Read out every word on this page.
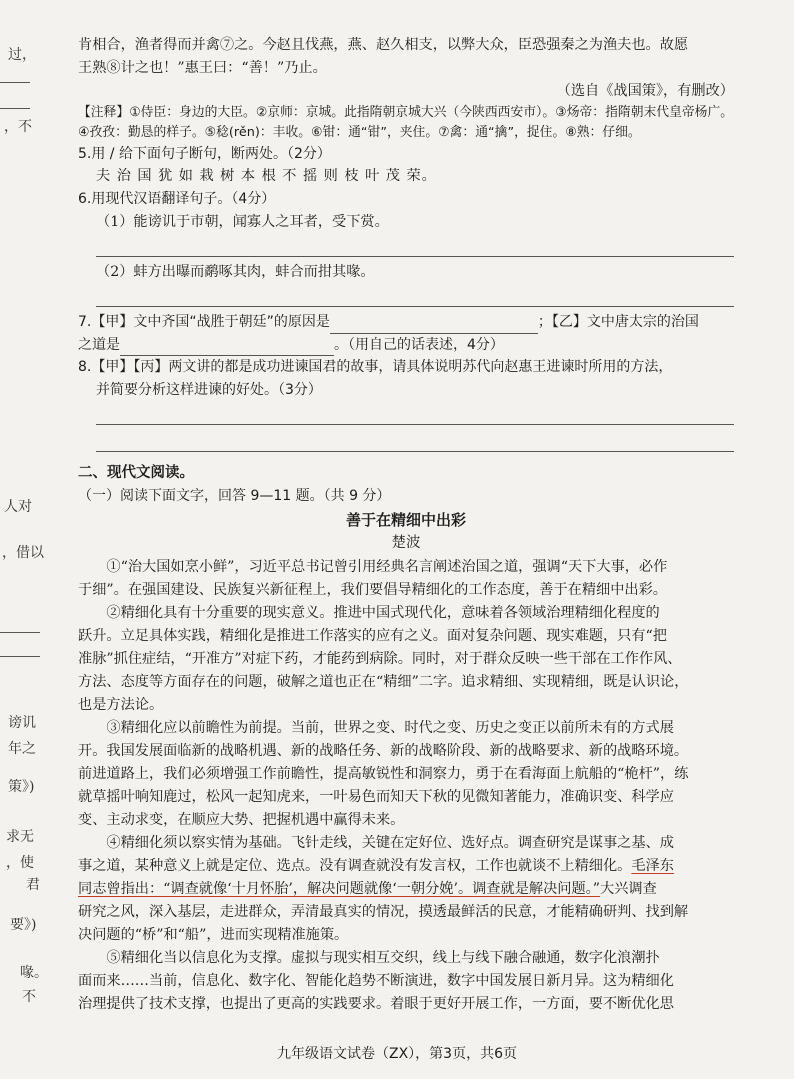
过，
，不
人对
，借以
谤讥
年之
策》)
求无
，使
君
要》)
喙。
不
肯相合，渔者得而并禽⑦之。今赵且伐燕，燕、赵久相支，以弊大众，臣恐强秦之为渔夫也。故愿
王熟⑧计之也！”惠王曰：“善！”乃止。
（选自《战国策》，有删改）
【注释】①侍臣：身边的大臣。②京师：京城。此指隋朝京城大兴（今陕西西安市）。③炀帝：指隋朝末代皇帝杨广。④孜孜：勤恳的样子。⑤稔(rěn)：丰收。⑥钳：通“钳”，夹住。⑦禽：通“擒”，捉住。⑧熟：仔细。
5.用 / 给下面句子断句，断两处。（2分）
夫 治 国 犹 如 栽 树 本 根 不 摇 则 枝 叶 茂 荣。
6.用现代汉语翻译句子。（4分）
（1）能谤讥于市朝，闻寡人之耳者，受下赏。
（2）蚌方出曝而鹬啄其肉，蚌合而拑其喙。
7.【甲】文中齐国“战胜于朝廷”的原因是	；【乙】文中唐太宗的治国
之道是	。（用自己的话表述，4分）
8.【甲】【丙】两文讲的都是成功进谏国君的故事，请具体说明苏代向赵惠王进谏时所用的方法，
并简要分析这样进谏的好处。（3分）
二、现代文阅读。
（一）阅读下面文字，回答 9—11 题。（共 9 分）
善于在精细中出彩
楚波
①“治大国如烹小鲜”，习近平总书记曾引用经典名言阐述治国之道，强调“天下大事，必作
于细”。在强国建设、民族复兴新征程上，我们要倡导精细化的工作态度，善于在精细中出彩。
②精细化具有十分重要的现实意义。推进中国式现代化，意味着各领域治理精细化程度的
跃升。立足具体实践，精细化是推进工作落实的应有之义。面对复杂问题、现实难题，只有“把
准脉”抓住症结，“开准方”对症下药，才能药到病除。同时，对于群众反映一些干部在工作作风、
方法、态度等方面存在的问题，破解之道也正在“精细”二字。追求精细、实现精细，既是认识论，
也是方法论。
③精细化应以前瞻性为前提。当前，世界之变、时代之变、历史之变正以前所未有的方式展
开。我国发展面临新的战略机遇、新的战略任务、新的战略阶段、新的战略要求、新的战略环境。
前进道路上，我们必须增强工作前瞻性，提高敏锐性和洞察力，勇于在看海面上航船的“桅杆”，练
就草摇叶响知鹿过，松风一起知虎来，一叶易色而知天下秋的见微知著能力，准确识变、科学应
变、主动求变，在顺应大势、把握机遇中赢得未来。
④精细化须以察实情为基础。飞针走线，关键在定好位、选好点。调查研究是谋事之基、成
事之道，某种意义上就是定位、选点。没有调查就没有发言权，工作也就谈不上精细化。毛泽东
同志曾指出：“调查就像‘十月怀胎’，解决问题就像‘一朝分娩’。调查就是解决问题。”大兴调查
研究之风，深入基层，走进群众，弄清最真实的情况，摸透最鲜活的民意，才能精确研判、找到解
决问题的“桥”和“船”，进而实现精准施策。
⑤精细化当以信息化为支撑。虚拟与现实相互交织，线上与线下融合融通，数字化浪潮扑
面而来……当前，信息化、数字化、智能化趋势不断演进，数字中国发展日新月异。这为精细化
治理提供了技术支撑，也提出了更高的实践要求。着眼于更好开展工作，一方面，要不断优化思
九年级语文试卷（ZX），第3页，共6页
